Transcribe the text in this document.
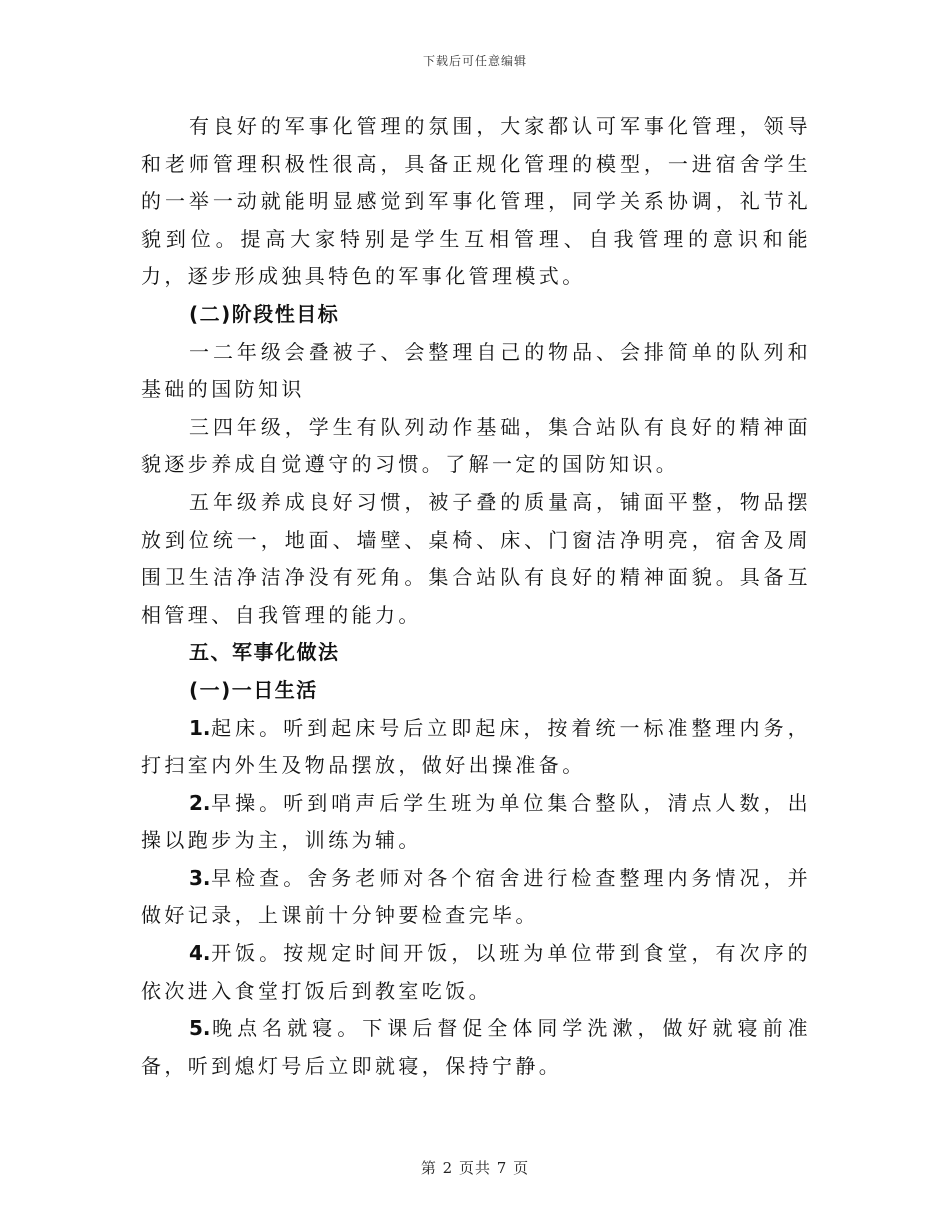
下载后可任意编辑

有良好的军事化管理的氛围，大家都认可军事化管理，领导和老师管理积极性很高，具备正规化管理的模型，一进宿舍学生的一举一动就能明显感觉到军事化管理，同学关系协调，礼节礼貌到位。提高大家特别是学生互相管理、自我管理的意识和能力，逐步形成独具特色的军事化管理模式。

(二)阶段性目标

一二年级会叠被子、会整理自己的物品、会排简单的队列和基础的国防知识

三四年级，学生有队列动作基础，集合站队有良好的精神面貌逐步养成自觉遵守的习惯。了解一定的国防知识。

五年级养成良好习惯，被子叠的质量高，铺面平整，物品摆放到位统一，地面、墙壁、桌椅、床、门窗洁净明亮，宿舍及周围卫生洁净洁净没有死角。集合站队有良好的精神面貌。具备互相管理、自我管理的能力。

五、军事化做法

(一)一日生活

1.起床。听到起床号后立即起床，按着统一标准整理内务，打扫室内外生及物品摆放，做好出操准备。

2.早操。听到哨声后学生班为单位集合整队，清点人数，出操以跑步为主，训练为辅。

3.早检查。舍务老师对各个宿舍进行检查整理内务情况，并做好记录，上课前十分钟要检查完毕。

4.开饭。按规定时间开饭，以班为单位带到食堂，有次序的依次进入食堂打饭后到教室吃饭。

5.晚点名就寝。下课后督促全体同学洗漱，做好就寝前准备，听到熄灯号后立即就寝，保持宁静。

第 2 页共 7 页
